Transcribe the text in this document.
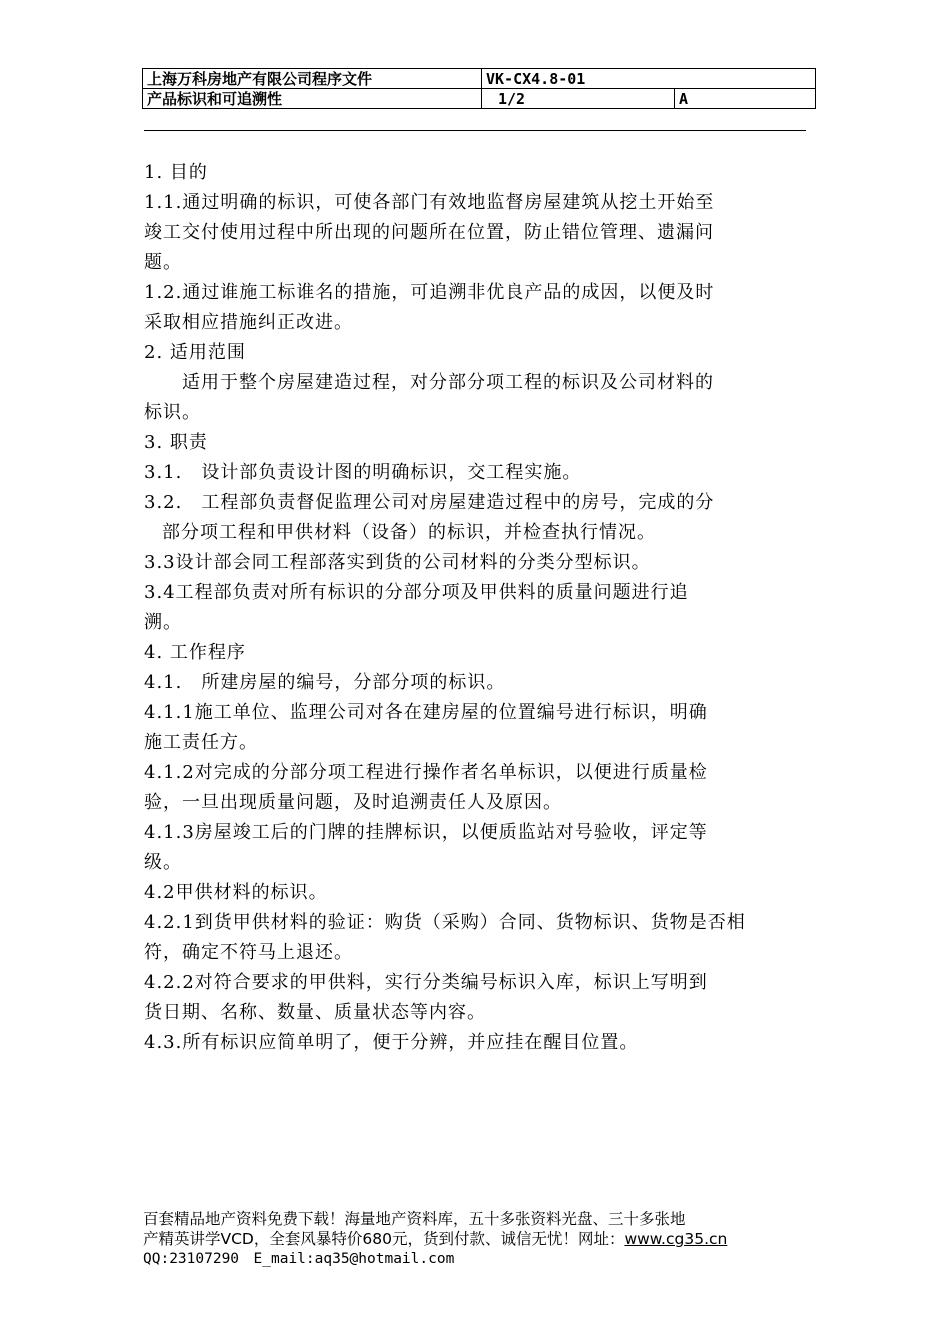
上海万科房地产有限公司程序文件	VK-CX4.8-01	
产品标识和可追溯性	1/2	A
1. 目的
1.1.通过明确的标识，可使各部门有效地监督房屋建筑从挖土开始至
竣工交付使用过程中所出现的问题所在位置，防止错位管理、遗漏问
题。
1.2.通过谁施工标谁名的措施，可追溯非优良产品的成因，以便及时
采取相应措施纠正改进。
2. 适用范围
适用于整个房屋建造过程，对分部分项工程的标识及公司材料的
标识。
3. 职责
3.1.　设计部负责设计图的明确标识，交工程实施。
3.2.　工程部负责督促监理公司对房屋建造过程中的房号，完成的分
部分项工程和甲供材料（设备）的标识，并检查执行情况。
3.3设计部会同工程部落实到货的公司材料的分类分型标识。
3.4工程部负责对所有标识的分部分项及甲供料的质量问题进行追
溯。
4. 工作程序
4.1.　所建房屋的编号，分部分项的标识。
4.1.1施工单位、监理公司对各在建房屋的位置编号进行标识，明确
施工责任方。
4.1.2对完成的分部分项工程进行操作者名单标识，以便进行质量检
验，一旦出现质量问题，及时追溯责任人及原因。
4.1.3房屋竣工后的门牌的挂牌标识，以便质监站对号验收，评定等
级。
4.2甲供材料的标识。
4.2.1到货甲供材料的验证：购货（采购）合同、货物标识、货物是否相
符，确定不符马上退还。
4.2.2对符合要求的甲供料，实行分类编号标识入库，标识上写明到
货日期、名称、数量、质量状态等内容。
4.3.所有标识应简单明了，便于分辨，并应挂在醒目位置。
百套精品地产资料免费下载！海量地产资料库，五十多张资料光盘、三十多张地
产精英讲学VCD，全套风暴特价680元，货到付款、诚信无忧！网址：www.cg35.cn
QQ:23107290　E_mail:aq35@hotmail.com
